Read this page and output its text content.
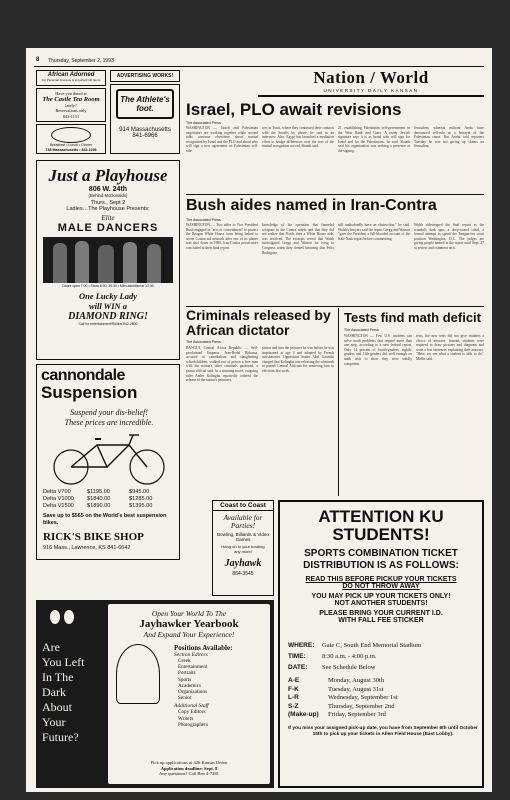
8 Thursday, September 2, 1993
Nation / World
UNIVERSITY DAILY KANSAN
African Adorned
For Personal Interests & Imported Gift Items
Have you dined at
The Castle Tea Room
lately?
Reservations only
843-1151
Breakfast • Lunch • Dinner
738 Massachusetts • 842-1198
ADVERTISING WORKS!
The Athlete's foot.
914 Massachusetts
841-6966
Just a Playhouse
806 W. 24th
(Behind McDonalds)
Thurs., Sept 2
Ladies…The Playhouse Presents:
Elite
MALE DANCERS
Doors open 7:00 • Show 8:00, 10:30 • Men admitted at 12:30
One Lucky Lady
will WIN a
DIAMOND RING!
Call for entertainment/Rollins 842-2800
cannondale
Suspension
Suspend your dis-belief!
These prices are incredible.
Delta V700	$1195.00	$945.00
Delta V1000	$1840.00	$1285.00
Delta V1500	$1890.00	$1395.00
Save up to $565 on the World's best suspension bikes.
RICK'S BIKE SHOP
916 Mass., Lawrence, KS 841-6642
Israel, PLO await revisions
The Associated Press
WASHINGTON — Israeli and Palestinian negotiators are working together while second talks continue elsewhere about mutual recognition by Israel and the PLO and about who will sign a new agreement on Palestinian self-rule.
tors in Tunis, where they continued their contacts with the Israelis by phone, he said in an interview. Also, Egypt has launched a mediation effort to bridge differences over the text of the mutual recognition accord, Shaath said.
21, establishing Palestinian self-government in the West Bank and Gaza. A ready Jewish signature says it is as broad who will sign for Israel and for the Palestinians, he said. Shaath said his organization was seeking a presence at the signing.
Jerusalem, whereas militant Arabs have denounced self-rule as a betrayal of the Palestinian cause. But Arafat told reporters Tuesday he was not giving up claims on Jerusalem.
Bush aides named in Iran-Contra
The Associated Press
WASHINGTON — Two aides to Vice President Bush engaged in "acts of concealment" to protect the Reagan White House from being linked to secret Contra aid network after one of its planes was shot down in 1986, Iran-Contra prosecutors concluded in their final report.
knowledge of the operation that funneled weapons to the Contra rebels and that they did not realize that North, then a White House aide, was involved. The excerpts reveal that Walsh investigated Gregg and Watson for lying to Congress when they denied knowing that Felix Rodriguez.
still undoubtedly have an obstruction," he said. Walsh's lawyers said the report Gregg and Watson "gave the President a full-blooded account of the Kaff-Nash report before commenting.
Walsh sidestepped the final report as the scandal's dark spot, a deep-rooted cabal, a formal attempt to spend the Reagan-era court position Washington, D.C. The judges are giving people named in the report until Sept. 27 to review and comment on it.
Criminals released by African dictator
The Associated Press
BANGUI, Central Africa Republic — Self-proclaimed Emperor Jean-Bedel Bokassa, accused of cannibalism and slaughtering schoolchildren, walked out of prison a free man with the nation's other criminals pardoned, a prison official said. In a stunning move, outgoing ruler Andre Kolingba reportedly ordered the release of the nation's prisoners.
prison and into the prisoner he was before he was imprisoned at age 4 and adopted by French missionaries. Opposition leader Abel Goumba charged that Kolingba was releasing the criminals to punish Central Africans for removing him in elections last week.
Tests find math deficit
The Associated Press
WASHINGTON — Few U.S. students can solve math problems that require more than one step, according to a new federal report. Only 14 percent of fourth-graders, eighth-graders and 12th-graders did well enough on math tests to show they were solidly competent.
tests, the new tests did not give students a choice of answers. Instead, students were required to draw pictures and diagrams and write a few sentences explaining their answers. "Here, we see what a student is able to do," Mullis said.
Coast to Coast
Available for Parties!
Bowling, Billiards & Video Games
Hang on to your bowling any more!
Jayhawk
864-3545
ATTENTION KU STUDENTS!
SPORTS COMBINATION TICKET DISTRIBUTION IS AS FOLLOWS:
READ THIS BEFORE PICKUP YOUR TICKETS
DO NOT THROW AWAY
YOU MAY PICK UP YOUR TICKETS ONLY!
NOT ANOTHER STUDENTS!
PLEASE BRING YOUR CURRENT I.D.
WITH FALL FEE STICKER
WHERE:	Gate C, South End Memorial Stadium
TIME:	8:30 a.m. - 4:00 p.m.
DATE:	See Schedule Below
A-E	Monday, August 30th
F-K	Tuesday, August 31st
L-R	Wednesday, September 1st
S-Z	Thursday, September 2nd
(Make-up)	Friday, September 3rd
If you miss your assigned pick-up date, you have from September 6th until October 15th to pick up your tickets in Allen Field House (East Lobby).
Are
You Left
In The
Dark
About
Your
Future?
Open Your World To The
Jayhawker Yearbook
And Expand Your Experience!
Positions Available:
Section Editors
Greek
Entertainment
Portraits
Sports
Academics
Organizations
Senior
Additional Staff
Copy Editors
Writers
Photographers
Pick up applications at 426 Kansas Union
Application deadline: Sept. 8
Any questions? Call Ben 4-7281
